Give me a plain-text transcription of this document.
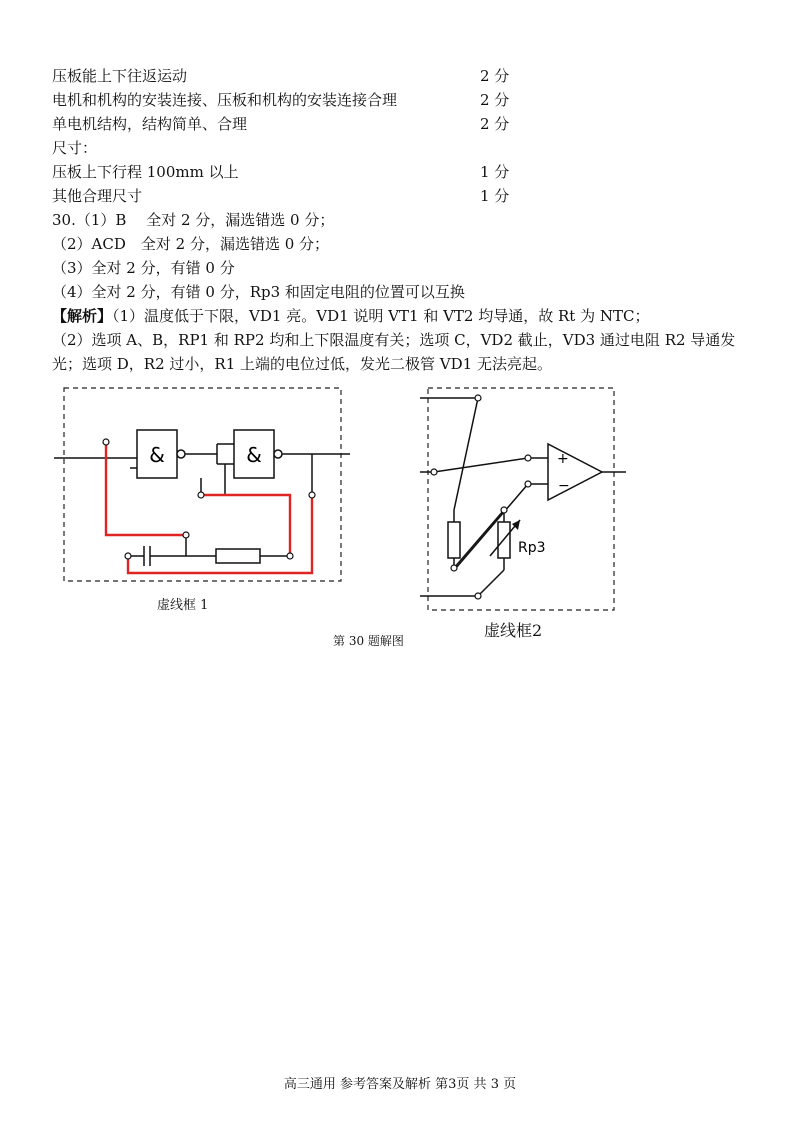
压板能上下往返运动	2 分
电机和机构的安装连接、压板和机构的安装连接合理	2 分
单电机结构，结构简单、合理	2 分
尺寸：
压板上下行程 100mm 以上	1 分
其他合理尺寸	1 分
30.（1）B　 全对 2 分，漏选错选 0 分；
（2）ACD　全对 2 分，漏选错选 0 分；
（3）全对 2 分，有错 0 分
（4）全对 2 分，有错 0 分，Rp3 和固定电阻的位置可以互换
【解析】（1）温度低于下限，VD1 亮。VD1 说明 VT1 和 VT2 均导通，故 Rt 为 NTC；
（2）选项 A、B，RP1 和 RP2 均和上下限温度有关；选项 C，VD2 截止，VD3 通过电阻 R2 导通发
光；选项 D，R2 过小，R1 上端的电位过低，发光二极管 VD1 无法亮起。
&	&
虚线框 1
+
−
Rp3
虚线框2
第 30 题解图
高三通用 参考答案及解析 第3页 共 3 页
